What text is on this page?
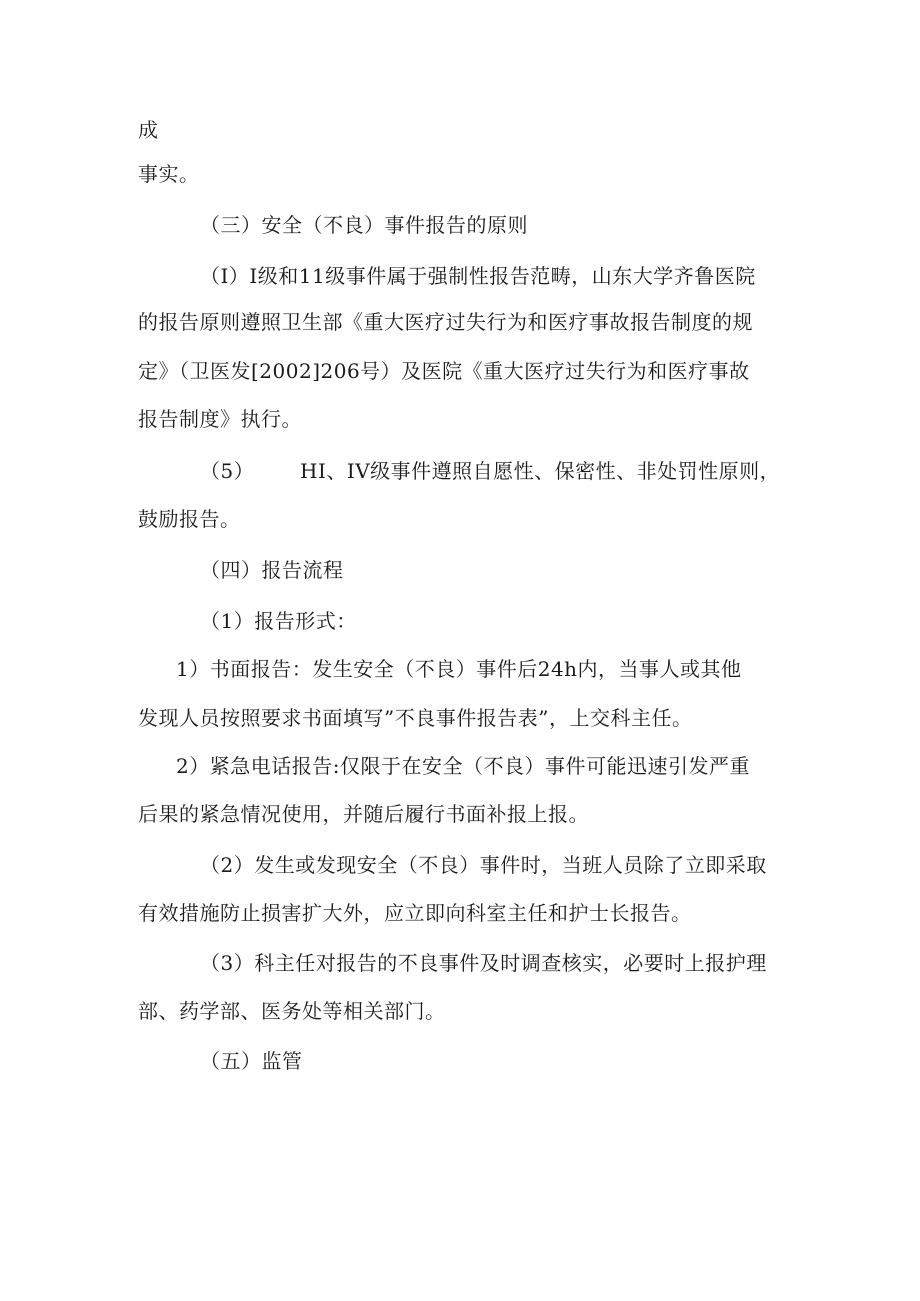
成
事实。
（三）安全（不良）事件报告的原则
（I）I级和11级事件属于强制性报告范畴，山东大学齐鲁医院
的报告原则遵照卫生部《重大医疗过失行为和医疗事故报告制度的规
定》（卫医发[2002]206号）及医院《重大医疗过失行为和医疗事故
报告制度》执行。
（5） HI、IV级事件遵照自愿性、保密性、非处罚性原则，
鼓励报告。
（四）报告流程
（1）报告形式：
1）书面报告：发生安全（不良）事件后24h内，当事人或其他
发现人员按照要求书面填写”不良事件报告表”，上交科主任。
2）紧急电话报告:仅限于在安全（不良）事件可能迅速引发严重
后果的紧急情况使用，并随后履行书面补报上报。
（2）发生或发现安全（不良）事件时，当班人员除了立即采取
有效措施防止损害扩大外，应立即向科室主任和护士长报告。
（3）科主任对报告的不良事件及时调查核实，必要时上报护理
部、药学部、医务处等相关部门。
（五）监管
